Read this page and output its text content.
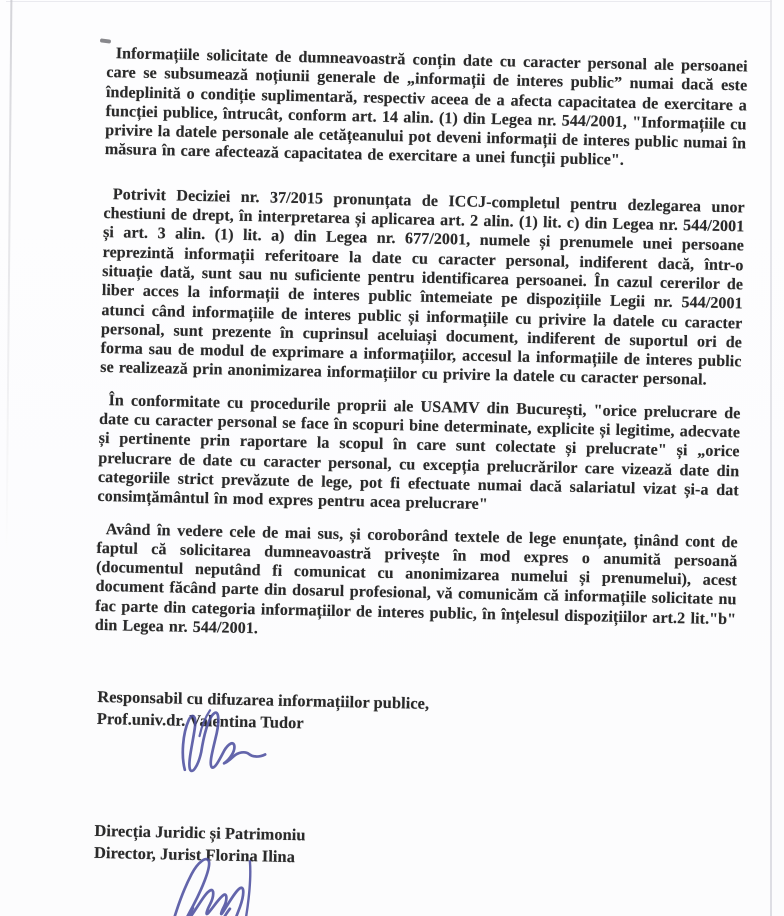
Informațiile solicitate de dumneavoastră conțin date cu caracter personal ale persoanei care se subsumează noțiunii generale de „informații de interes public” numai dacă este îndeplinită o condiție suplimentară, respectiv aceea de a afecta capacitatea de exercitare a funcției publice, întrucât, conform art. 14 alin. (1) din Legea nr. 544/2001, "Informațiile cu privire la datele personale ale cetățeanului pot deveni informații de interes public numai în măsura în care afectează capacitatea de exercitare a unei funcții publice".

Potrivit Deciziei nr. 37/2015 pronunțata de ICCJ-completul pentru dezlegarea unor chestiuni de drept, în interpretarea și aplicarea art. 2 alin. (1) lit. c) din Legea nr. 544/2001 și art. 3 alin. (1) lit. a) din Legea nr. 677/2001, numele și prenumele unei persoane reprezintă informații referitoare la date cu caracter personal, indiferent dacă, într-o situație dată, sunt sau nu suficiente pentru identificarea persoanei. În cazul cererilor de liber acces la informații de interes public întemeiate pe dispozițiile Legii nr. 544/2001 atunci când informațiile de interes public și informațiile cu privire la datele cu caracter personal, sunt prezente în cuprinsul aceluiași document, indiferent de suportul ori de forma sau de modul de exprimare a informațiilor, accesul la informațiile de interes public se realizează prin anonimizarea informațiilor cu privire la datele cu caracter personal.

În conformitate cu procedurile proprii ale USAMV din București, "orice prelucrare de date cu caracter personal se face în scopuri bine determinate, explicite și legitime, adecvate și pertinente prin raportare la scopul în care sunt colectate și prelucrate" și „orice prelucrare de date cu caracter personal, cu excepția prelucrărilor care vizează date din categoriile strict prevăzute de lege, pot fi efectuate numai dacă salariatul vizat și-a dat consimțământul în mod expres pentru acea prelucrare"

Având în vedere cele de mai sus, și coroborând textele de lege enunțate, ținând cont de faptul că solicitarea dumneavoastră privește în mod expres o anumită persoană (documentul neputând fi comunicat cu anonimizarea numelui și prenumelui), acest document făcând parte din dosarul profesional, vă comunicăm că informațiile solicitate nu fac parte din categoria informațiilor de interes public, în înțelesul dispozițiilor art.2 lit."b" din Legea nr. 544/2001.

Responsabil cu difuzarea informațiilor publice,
Prof.univ.dr. Valentina Tudor
Direcția Juridic și Patrimoniu
Director, Jurist Florina Ilina
